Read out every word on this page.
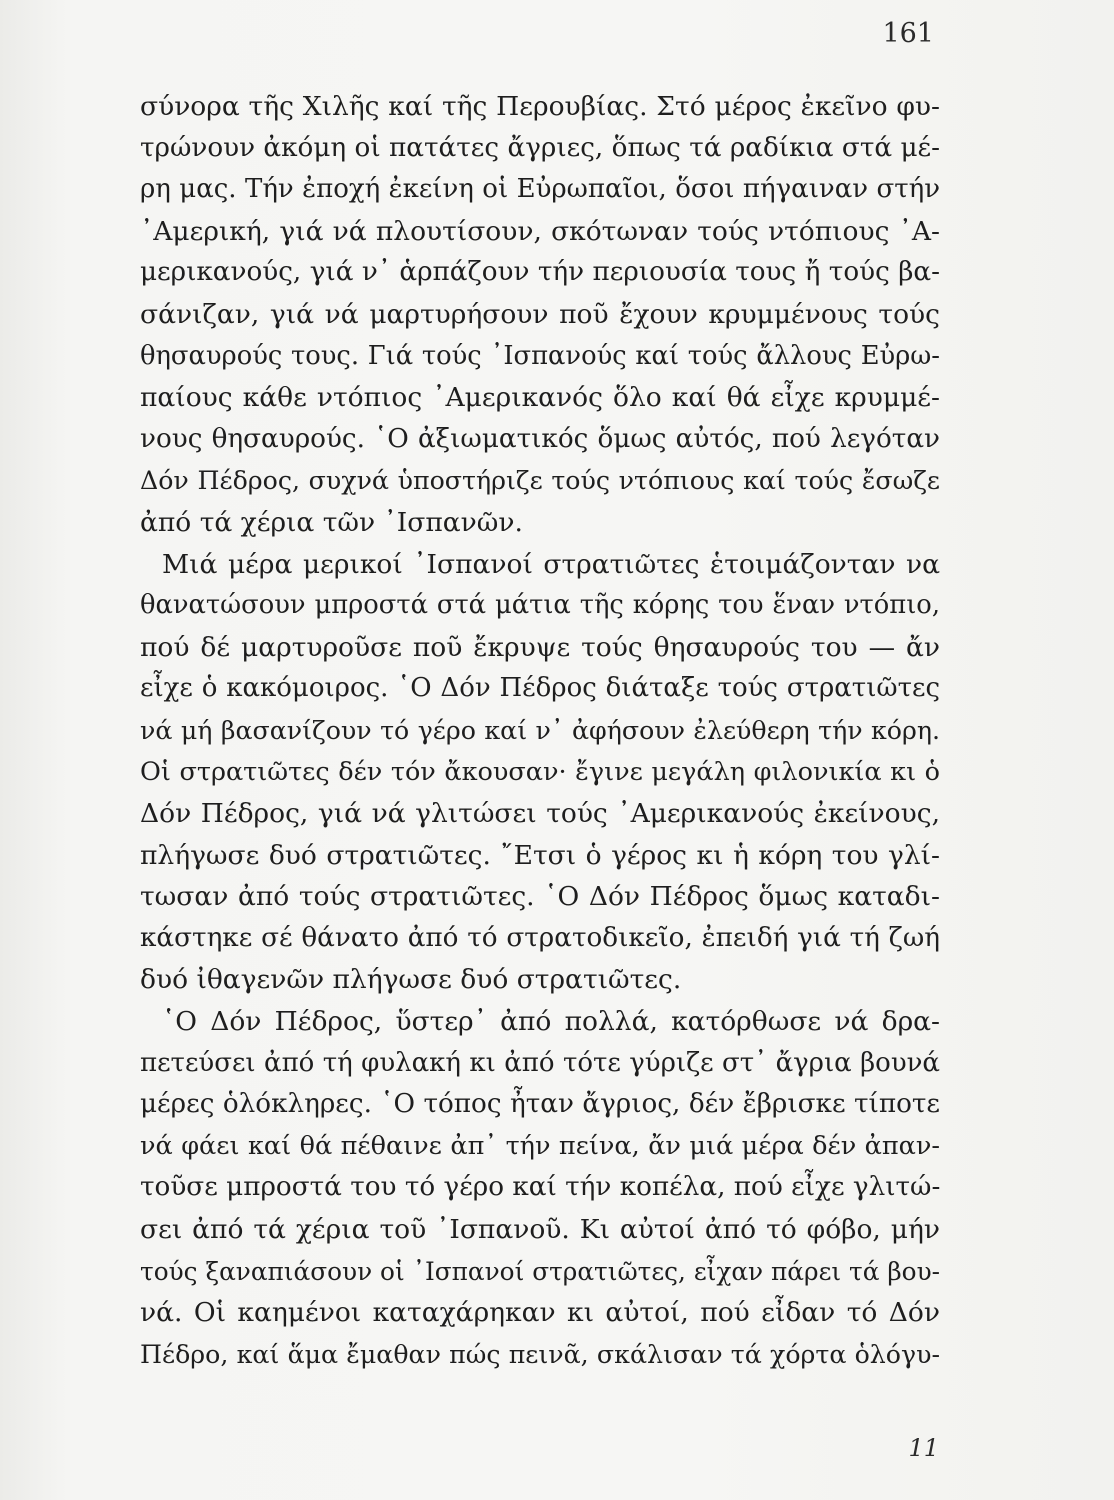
161
σύνορα τῆς Χιλῆς καί τῆς Περουβίας. Στό μέρος ἐκεῖνο φυ-
τρώνουν ἀκόμη οἱ πατάτες ἄγριες, ὅπως τά ραδίκια στά μέ-
ρη μας. Τήν ἐποχή ἐκείνη οἱ Εὐρωπαῖοι, ὅσοι πήγαιναν στήν
᾿Αμερική, γιά νά πλουτίσουν, σκότωναν τούς ντόπιους ᾿Α-
μερικανούς, γιά ν᾿ ἁρπάζουν τήν περιουσία τους ἤ τούς βα-
σάνιζαν, γιά νά μαρτυρήσουν ποῦ ἔχουν κρυμμένους τούς
θησαυρούς τους. Γιά τούς ᾿Ισπανούς καί τούς ἄλλους Εὐρω-
παίους κάθε ντόπιος ᾿Αμερικανός ὅλο καί θά εἶχε κρυμμέ-
νους θησαυρούς. ῾Ο ἀξιωματικός ὅμως αὐτός, πού λεγόταν
Δόν Πέδρος, συχνά ὑποστήριζε τούς ντόπιους καί τούς ἔσωζε
ἀπό τά χέρια τῶν ᾿Ισπανῶν.
Μιά μέρα μερικοί ᾿Ισπανοί στρατιῶτες ἑτοιμάζονταν να
θανατώσουν μπροστά στά μάτια τῆς κόρης του ἕναν ντόπιο,
πού δέ μαρτυροῦσε ποῦ ἔκρυψε τούς θησαυρούς του — ἄν
εἶχε ὁ κακόμοιρος. ῾Ο Δόν Πέδρος διάταξε τούς στρατιῶτες
νά μή βασανίζουν τό γέρο καί ν᾿ ἀφήσουν ἐλεύθερη τήν κόρη.
Οἱ στρατιῶτες δέν τόν ἄκουσαν· ἔγινε μεγάλη φιλονικία κι ὁ
Δόν Πέδρος, γιά νά γλιτώσει τούς ᾿Αμερικανούς ἐκείνους,
πλήγωσε δυό στρατιῶτες. ῎Ετσι ὁ γέρος κι ἡ κόρη του γλί-
τωσαν ἀπό τούς στρατιῶτες. ῾Ο Δόν Πέδρος ὅμως καταδι-
κάστηκε σέ θάνατο ἀπό τό στρατοδικεῖο, ἐπειδή γιά τή ζωή
δυό ἰθαγενῶν πλήγωσε δυό στρατιῶτες.
῾Ο Δόν Πέδρος, ὕστερ᾿ ἀπό πολλά, κατόρθωσε νά δρα-
πετεύσει ἀπό τή φυλακή κι ἀπό τότε γύριζε στ᾿ ἄγρια βουνά
μέρες ὁλόκληρες. ῾Ο τόπος ἦταν ἄγριος, δέν ἔβρισκε τίποτε
νά φάει καί θά πέθαινε ἀπ᾿ τήν πείνα, ἄν μιά μέρα δέν ἀπαν-
τοῦσε μπροστά του τό γέρο καί τήν κοπέλα, πού εἶχε γλιτώ-
σει ἀπό τά χέρια τοῦ ᾿Ισπανοῦ. Κι αὐτοί ἀπό τό φόβο, μήν
τούς ξαναπιάσουν οἱ ᾿Ισπανοί στρατιῶτες, εἶχαν πάρει τά βου-
νά. Οἱ καημένοι καταχάρηκαν κι αὐτοί, πού εἶδαν τό Δόν
Πέδρο, καί ἅμα ἔμαθαν πώς πεινᾶ, σκάλισαν τά χόρτα ὁλόγυ-
11
